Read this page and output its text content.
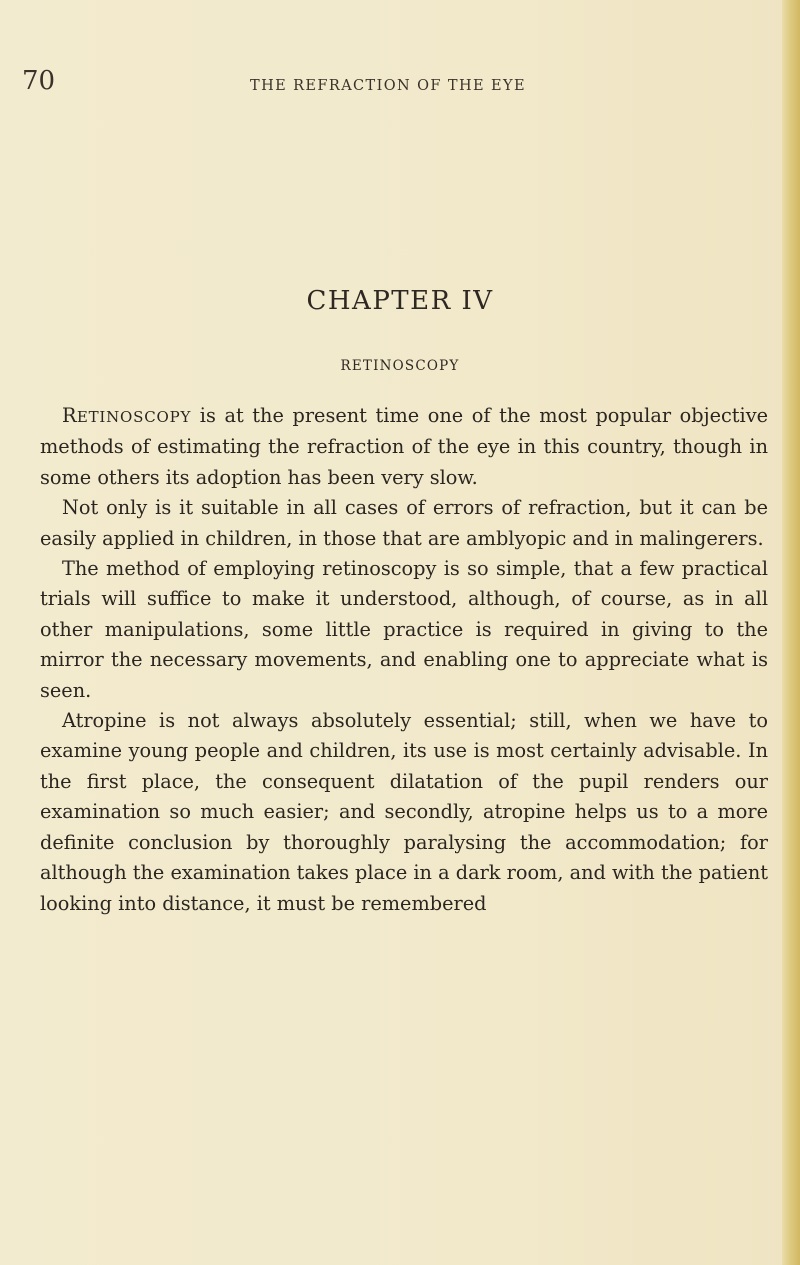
70	THE REFRACTION OF THE EYE
CHAPTER IV
RETINOSCOPY

RETINOSCOPY is at the present time one of the most popular objective methods of estimating the refraction of the eye in this country, though in some others its adoption has been very slow.

Not only is it suitable in all cases of errors of refraction, but it can be easily applied in children, in those that are amblyopic and in malingerers.

The method of employing retinoscopy is so simple, that a few practical trials will suffice to make it understood, although, of course, as in all other manipulations, some little practice is required in giving to the mirror the necessary movements, and enabling one to appreciate what is seen.

Atropine is not always absolutely essential; still, when we have to examine young people and children, its use is most certainly advisable. In the first place, the consequent dilatation of the pupil renders our examination so much easier; and secondly, atropine helps us to a more definite conclusion by thoroughly paralysing the accommodation; for although the examination takes place in a dark room, and with the patient looking into distance, it must be remembered
